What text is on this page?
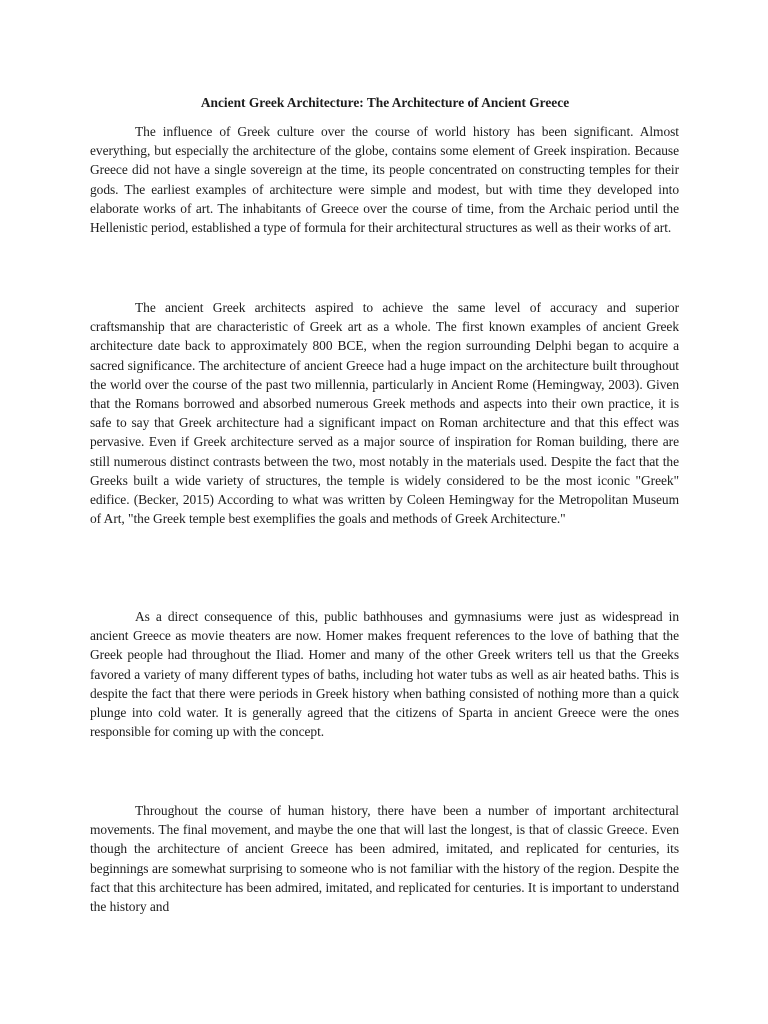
Ancient Greek Architecture: The Architecture of Ancient Greece

The influence of Greek culture over the course of world history has been significant. Almost everything, but especially the architecture of the globe, contains some element of Greek inspiration. Because Greece did not have a single sovereign at the time, its people concentrated on constructing temples for their gods. The earliest examples of architecture were simple and modest, but with time they developed into elaborate works of art. The inhabitants of Greece over the course of time, from the Archaic period until the Hellenistic period, established a type of formula for their architectural structures as well as their works of art.

The ancient Greek architects aspired to achieve the same level of accuracy and superior craftsmanship that are characteristic of Greek art as a whole. The first known examples of ancient Greek architecture date back to approximately 800 BCE, when the region surrounding Delphi began to acquire a sacred significance. The architecture of ancient Greece had a huge impact on the architecture built throughout the world over the course of the past two millennia, particularly in Ancient Rome (Hemingway, 2003). Given that the Romans borrowed and absorbed numerous Greek methods and aspects into their own practice, it is safe to say that Greek architecture had a significant impact on Roman architecture and that this effect was pervasive. Even if Greek architecture served as a major source of inspiration for Roman building, there are still numerous distinct contrasts between the two, most notably in the materials used. Despite the fact that the Greeks built a wide variety of structures, the temple is widely considered to be the most iconic "Greek" edifice. (Becker, 2015) According to what was written by Coleen Hemingway for the Metropolitan Museum of Art, "the Greek temple best exemplifies the goals and methods of Greek Architecture."

As a direct consequence of this, public bathhouses and gymnasiums were just as widespread in ancient Greece as movie theaters are now. Homer makes frequent references to the love of bathing that the Greek people had throughout the Iliad. Homer and many of the other Greek writers tell us that the Greeks favored a variety of many different types of baths, including hot water tubs as well as air heated baths. This is despite the fact that there were periods in Greek history when bathing consisted of nothing more than a quick plunge into cold water. It is generally agreed that the citizens of Sparta in ancient Greece were the ones responsible for coming up with the concept.

Throughout the course of human history, there have been a number of important architectural movements. The final movement, and maybe the one that will last the longest, is that of classic Greece. Even though the architecture of ancient Greece has been admired, imitated, and replicated for centuries, its beginnings are somewhat surprising to someone who is not familiar with the history of the region. Despite the fact that this architecture has been admired, imitated, and replicated for centuries. It is important to understand the history and
